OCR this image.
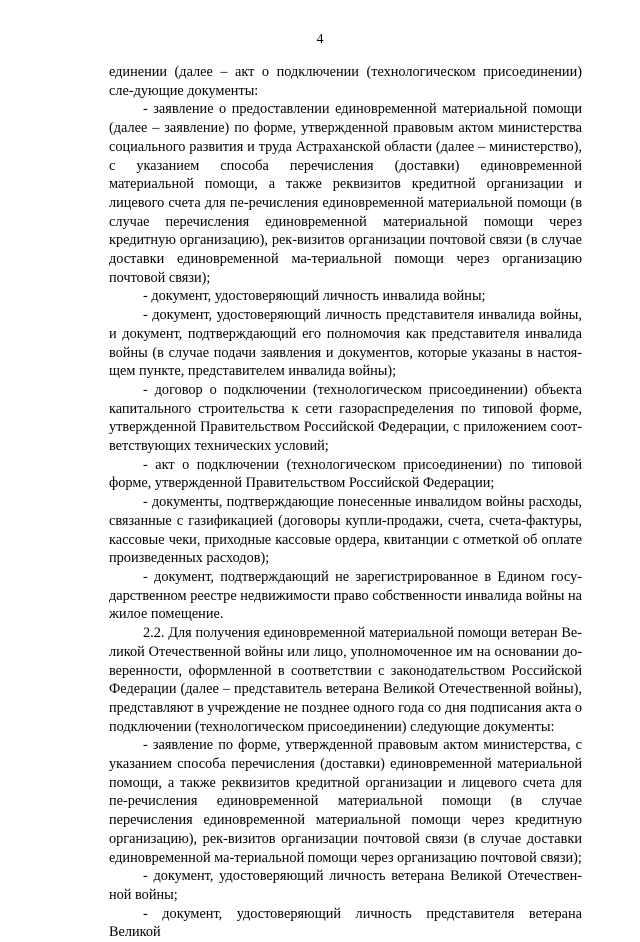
4

единении (далее – акт о подключении (технологическом присоединении) сле-дующие документы:

- заявление о предоставлении единовременной материальной помощи (далее – заявление) по форме, утвержденной правовым актом министерства социального развития и труда Астраханской области (далее – министерство), с указанием способа перечисления (доставки) единовременной материальной помощи, а также реквизитов кредитной организации и лицевого счета для пе-речисления единовременной материальной помощи (в случае перечисления единовременной материальной помощи через кредитную организацию), рек-визитов организации почтовой связи (в случае доставки единовременной ма-териальной помощи через организацию почтовой связи);

- документ, удостоверяющий личность инвалида войны;

- документ, удостоверяющий личность представителя инвалида войны, и документ, подтверждающий его полномочия как представителя инвалида войны (в случае подачи заявления и документов, которые указаны в настоя-щем пункте, представителем инвалида войны);

- договор о подключении (технологическом присоединении) объекта капитального строительства к сети газораспределения по типовой форме, утвержденной Правительством Российской Федерации, с приложением соот-ветствующих технических условий;

- акт о подключении (технологическом присоединении) по типовой форме, утвержденной Правительством Российской Федерации;

- документы, подтверждающие понесенные инвалидом войны расходы, связанные с газификацией (договоры купли-продажи, счета, счета-фактуры, кассовые чеки, приходные кассовые ордера, квитанции с отметкой об оплате произведенных расходов);

- документ, подтверждающий не зарегистрированное в Едином госу-дарственном реестре недвижимости право собственности инвалида войны на жилое помещение.

2.2. Для получения единовременной материальной помощи ветеран Ве-ликой Отечественной войны или лицо, уполномоченное им на основании до-веренности, оформленной в соответствии с законодательством Российской Федерации (далее – представитель ветерана Великой Отечественной войны), представляют в учреждение не позднее одного года со дня подписания акта о подключении (технологическом присоединении) следующие документы:

- заявление по форме, утвержденной правовым актом министерства, с указанием способа перечисления (доставки) единовременной материальной помощи, а также реквизитов кредитной организации и лицевого счета для пе-речисления единовременной материальной помощи (в случае перечисления единовременной материальной помощи через кредитную организацию), рек-визитов организации почтовой связи (в случае доставки единовременной ма-териальной помощи через организацию почтовой связи);

- документ, удостоверяющий личность ветерана Великой Отечествен-ной войны;

- документ, удостоверяющий личность представителя ветерана Великой
